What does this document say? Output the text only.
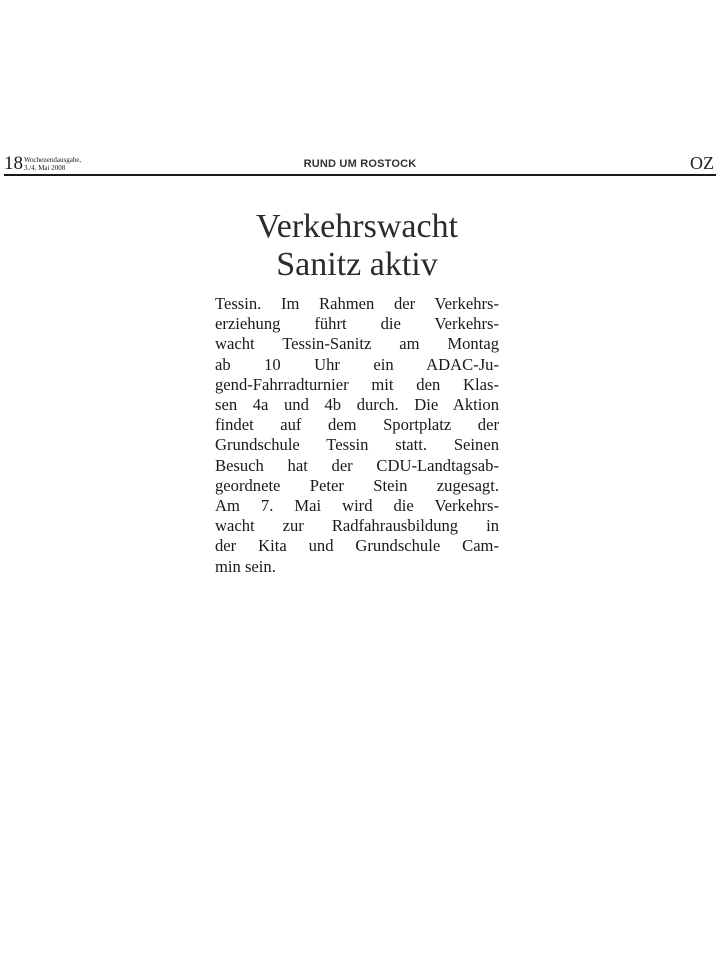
18 Wochenendausgabe,
3./4. Mai 2008	RUND UM ROSTOCK	OZ
Verkehrswacht
Sanitz aktiv
Tessin. Im Rahmen der Verkehrs-
erziehung führt die Verkehrs-
wacht Tessin-Sanitz am Montag
ab 10 Uhr ein ADAC-Ju-
gend-Fahrradturnier mit den Klas-
sen 4a und 4b durch. Die Aktion
findet auf dem Sportplatz der
Grundschule Tessin statt. Seinen
Besuch hat der CDU-Landtagsab-
geordnete Peter Stein zugesagt.
Am 7. Mai wird die Verkehrs-
wacht zur Radfahrausbildung in
der Kita und Grundschule Cam-
min sein.
